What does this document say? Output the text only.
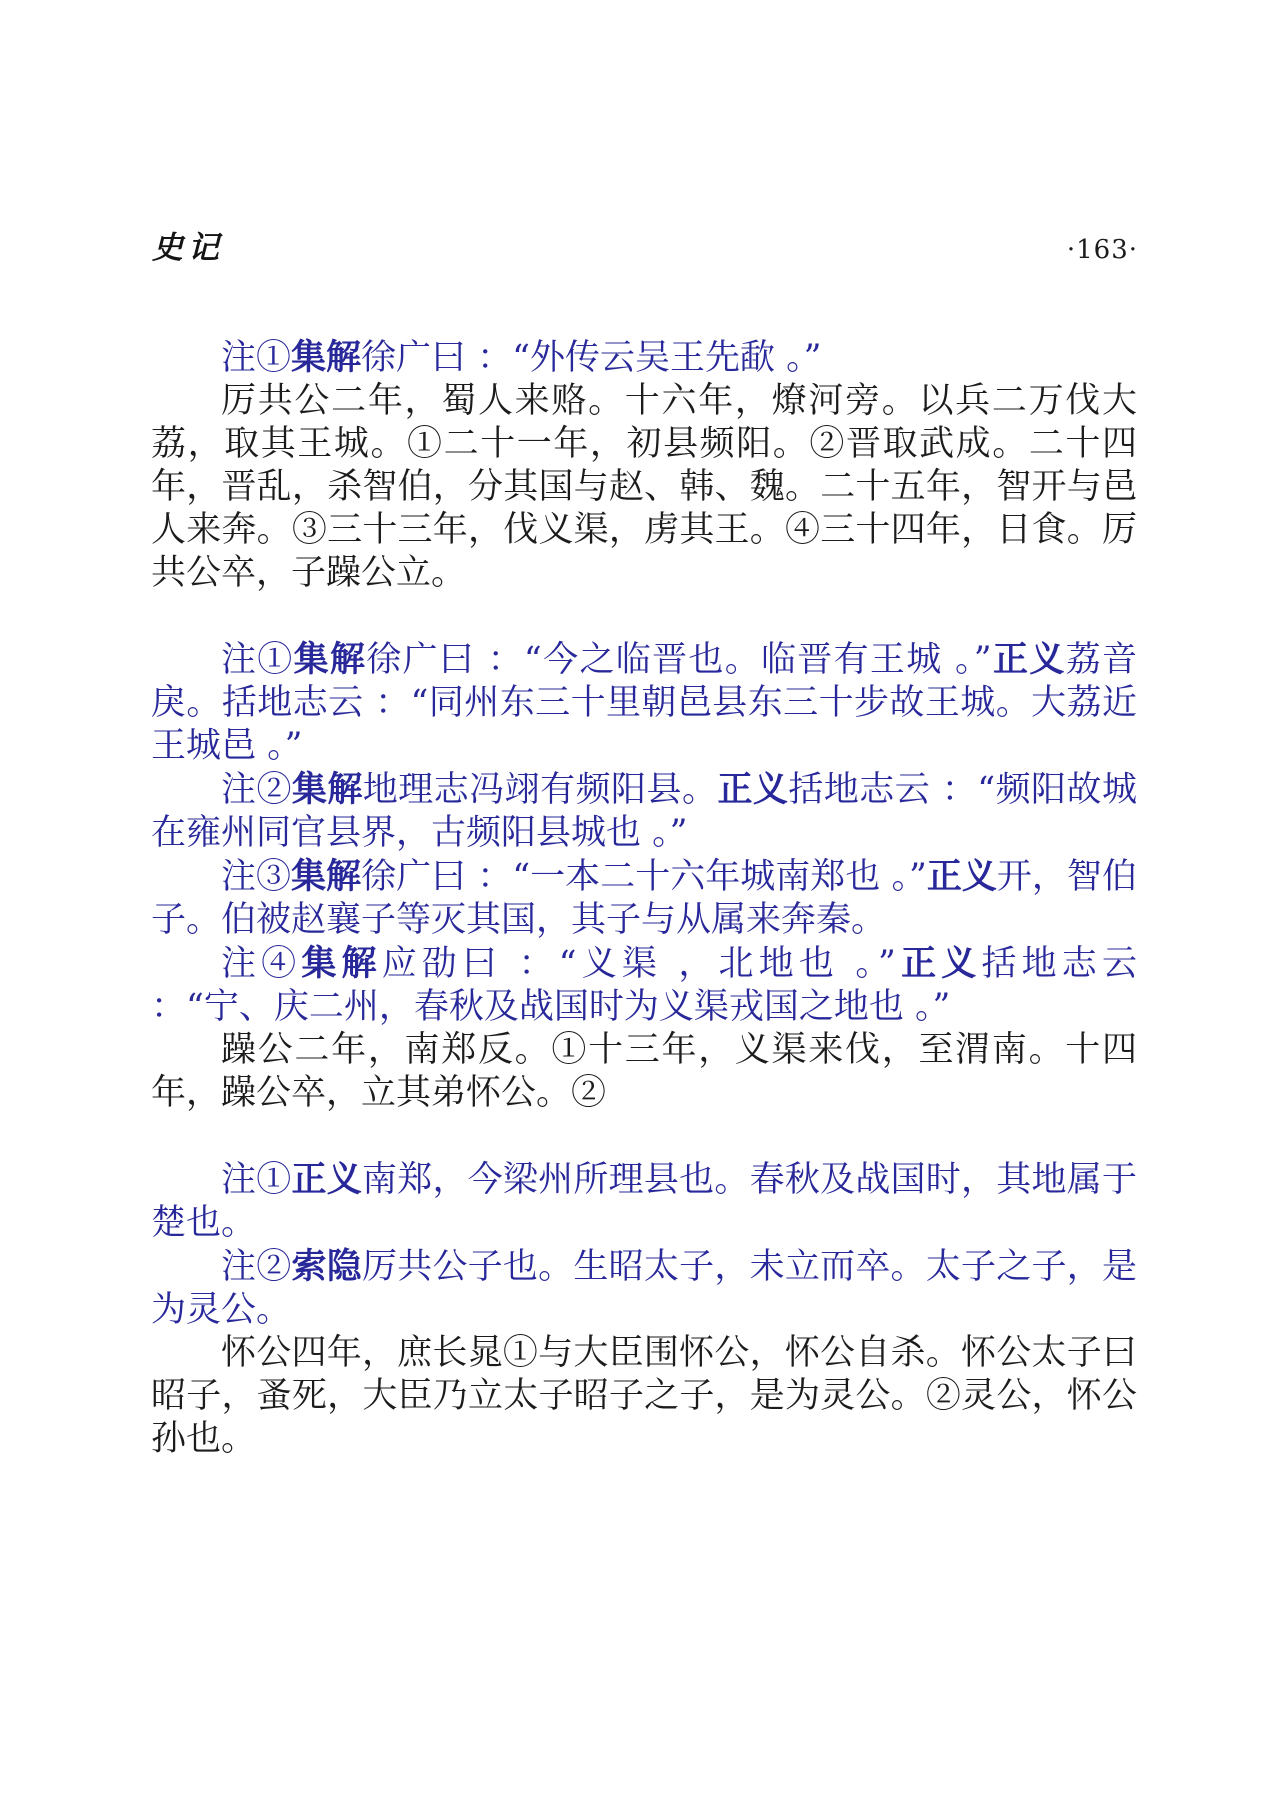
史记	·163·
注①集解徐广曰 ：“外传云吴王先歃 。”
厉共公二年，蜀人来赂。十六年，燎河旁。以兵二万伐大荔，取其王城。①二十一年，初县频阳。②晋取武成。二十四年，晋乱，杀智伯，分其国与赵、韩、魏。二十五年，智开与邑人来奔。③三十三年，伐义渠，虏其王。④三十四年，日食。厉共公卒，子躁公立。
注①集解徐广曰 ：“今之临晋也。临晋有王城 。”正义荔音戾。括地志云 ：“同州东三十里朝邑县东三十步故王城。大荔近王城邑 。”
注②集解地理志冯翊有频阳县。正义括地志云 ：“频阳故城在雍州同官县界，古频阳县城也 。”
注③集解徐广曰 ：“一本二十六年城南郑也 。”正义开，智伯子。伯被赵襄子等灭其国，其子与从属来奔秦。
注④集解应劭曰 ：“义渠 ，北地也 。”正义括地志云 ：“宁、庆二州，春秋及战国时为义渠戎国之地也 。”
躁公二年，南郑反。①十三年，义渠来伐，至渭南。十四年，躁公卒，立其弟怀公。②
注①正义南郑，今梁州所理县也。春秋及战国时，其地属于楚也。
注②索隐厉共公子也。生昭太子，未立而卒。太子之子，是为灵公。
怀公四年，庶长晁①与大臣围怀公，怀公自杀。怀公太子曰昭子，蚤死，大臣乃立太子昭子之子，是为灵公。②灵公，怀公孙也。
